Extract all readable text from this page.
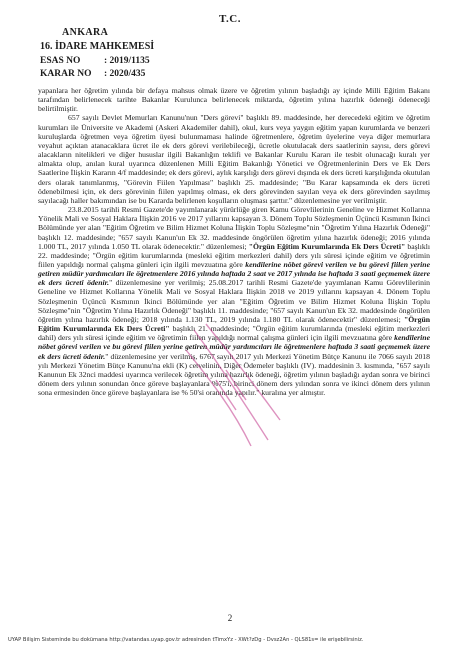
T.C.
ANKARA
16. İDARE MAHKEMESİ
ESAS NO : 2019/1135
KARAR NO : 2020/435

yapanlara her öğretim yılında bir defaya mahsus olmak üzere ve öğretim yılının başladığı ay içinde Milli Eğitim Bakanı tarafından belirlenecek tarihte Bakanlar Kurulunca belirlenecek miktarda, öğretim yılına hazırlık ödeneği ödeneceği belirtilmiştir.

657 sayılı Devlet Memurları Kanunu'nun "Ders görevi" başlıklı 89. maddesinde, her derecedeki eğitim ve öğretim kurumları ile Üniversite ve Akademi (Askeri Akademiler dahil), okul, kurs veya yaygın eğitim yapan kurumlarda ve benzeri kuruluşlarda öğretmen veya öğretim üyesi bulunmaması halinde öğretmenlere, öğretim üyelerine veya diğer memurlara veyahut açıktan atanacaklara ücret ile ek ders görevi verilebileceği, ücretle okutulacak ders saatlerinin sayısı, ders görevi alacakların nitelikleri ve diğer hususlar ilgili Bakanlığın teklifi ve Bakanlar Kurulu Kararı ile tesbit olunacağı kuralı yer almakta olup, anılan kural uyarınca düzenlenen Milli Eğitim Bakanlığı Yönetici ve Öğretmenlerinin Ders ve Ek Ders Saatlerine İlişkin Kararın 4/f maddesinde; ek ders görevi, aylık karşılığı ders görevi dışında ek ders ücreti karşılığında okutulan ders olarak tanımlanmış, "Görevin Fiilen Yapılması" başlıklı 25. maddesinde; "Bu Karar kapsamında ek ders ücreti ödenebilmesi için, ek ders görevinin fiilen yapılmış olması, ek ders görevinden sayılan veya ek ders görevinden sayılmış sayılacağı haller bakımından ise bu Kararda belirlenen koşulların oluşması şarttır." düzenlemesine yer verilmiştir.

23.8.2015 tarihli Resmi Gazete'de yayımlanarak yürürlüğe giren Kamu Görevlilerinin Geneline ve Hizmet Kollarına Yönelik Mali ve Sosyal Haklara İlişkin 2016 ve 2017 yıllarını kapsayan 3. Dönem Toplu Sözleşmenin Üçüncü Kısmının İkinci Bölümünde yer alan "Eğitim Öğretim ve Bilim Hizmet Koluna İlişkin Toplu Sözleşme"nin "Öğretim Yılına Hazırlık Ödeneği" başlıklı 12. maddesinde; "657 sayılı Kanun'un Ek 32. maddesinde öngörülen öğretim yılına hazırlık ödeneği; 2016 yılında 1.000 TL, 2017 yılında 1.050 TL olarak ödenecektir." düzenlemesi; "Örgün Eğitim Kurumlarında Ek Ders Ücreti" başlıklı 22. maddesinde; "Örgün eğitim kurumlarında (mesleki eğitim merkezleri dahil) ders yılı süresi içinde eğitim ve öğretimin fiilen yapıldığı normal çalışma günleri için ilgili mevzuatına göre kendilerine nöbet görevi verilen ve bu görevi fiilen yerine getiren müdür yardımcıları ile öğretmenlere 2016 yılında haftada 2 saat ve 2017 yılında ise haftada 3 saati geçmemek üzere ek ders ücreti ödenir." düzenlemesine yer verilmiş; 25.08.2017 tarihli Resmi Gazete'de yayımlanan Kamu Görevlilerinin Geneline ve Hizmet Kollarına Yönelik Mali ve Sosyal Haklara İlişkin 2018 ve 2019 yıllarını kapsayan 4. Dönem Toplu Sözleşmenin Üçüncü Kısmının İkinci Bölümünde yer alan "Eğitim Öğretim ve Bilim Hizmet Koluna İlişkin Toplu Sözleşme"nin "Öğretim Yılına Hazırlık Ödeneği" başlıklı 11. maddesinde; "657 sayılı Kanun'un Ek 32. maddesinde öngörülen öğretim yılına hazırlık ödeneği; 2018 yılında 1.130 TL, 2019 yılında 1.180 TL olarak ödenecektir" düzenlemesi; "Örgün Eğitim Kurumlarında Ek Ders Ücreti" başlıklı 21. maddesinde; "Örgün eğitim kurumlarında (mesleki eğitim merkezleri dahil) ders yılı süresi içinde eğitim ve öğretimin fiilen yapıldığı normal çalışma günleri için ilgili mevzuatına göre kendilerine nöbet görevi verilen ve bu görevi fiilen yerine getiren müdür yardımcıları ile öğretmenlere haftada 3 saati geçmemek üzere ek ders ücreti ödenir." düzenlemesine yer verilmiş, 6767 sayılı 2017 yılı Merkezi Yönetim Bütçe Kanunu ile 7066 sayılı 2018 yılı Merkezi Yönetim Bütçe Kanunu'na ekli (K) cetvelinin, Diğer Ödemeler başlıklı (IV). maddesinin 3. kısmında, "657 sayılı Kanunun Ek 32nci maddesi uyarınca verilecek öğretim yılına hazırlık ödeneği, öğretim yılının başladığı aydan sonra ve birinci dönem ders yılının sonundan önce göreve başlayanlara %75'i, birinci dönem ders yılından sonra ve ikinci dönem ders yılının sona ermesinden önce göreve başlayanlara ise % 50'si oranında yapılır." kuralına yer almıştır.

2
UYAP Bilişim Sisteminde bu dokümana http://vatandas.uyap.gov.tr adresinden tTimxYz - XWt?zDg - Dvsz2An - QLS81s= ile erişebilirsiniz.
